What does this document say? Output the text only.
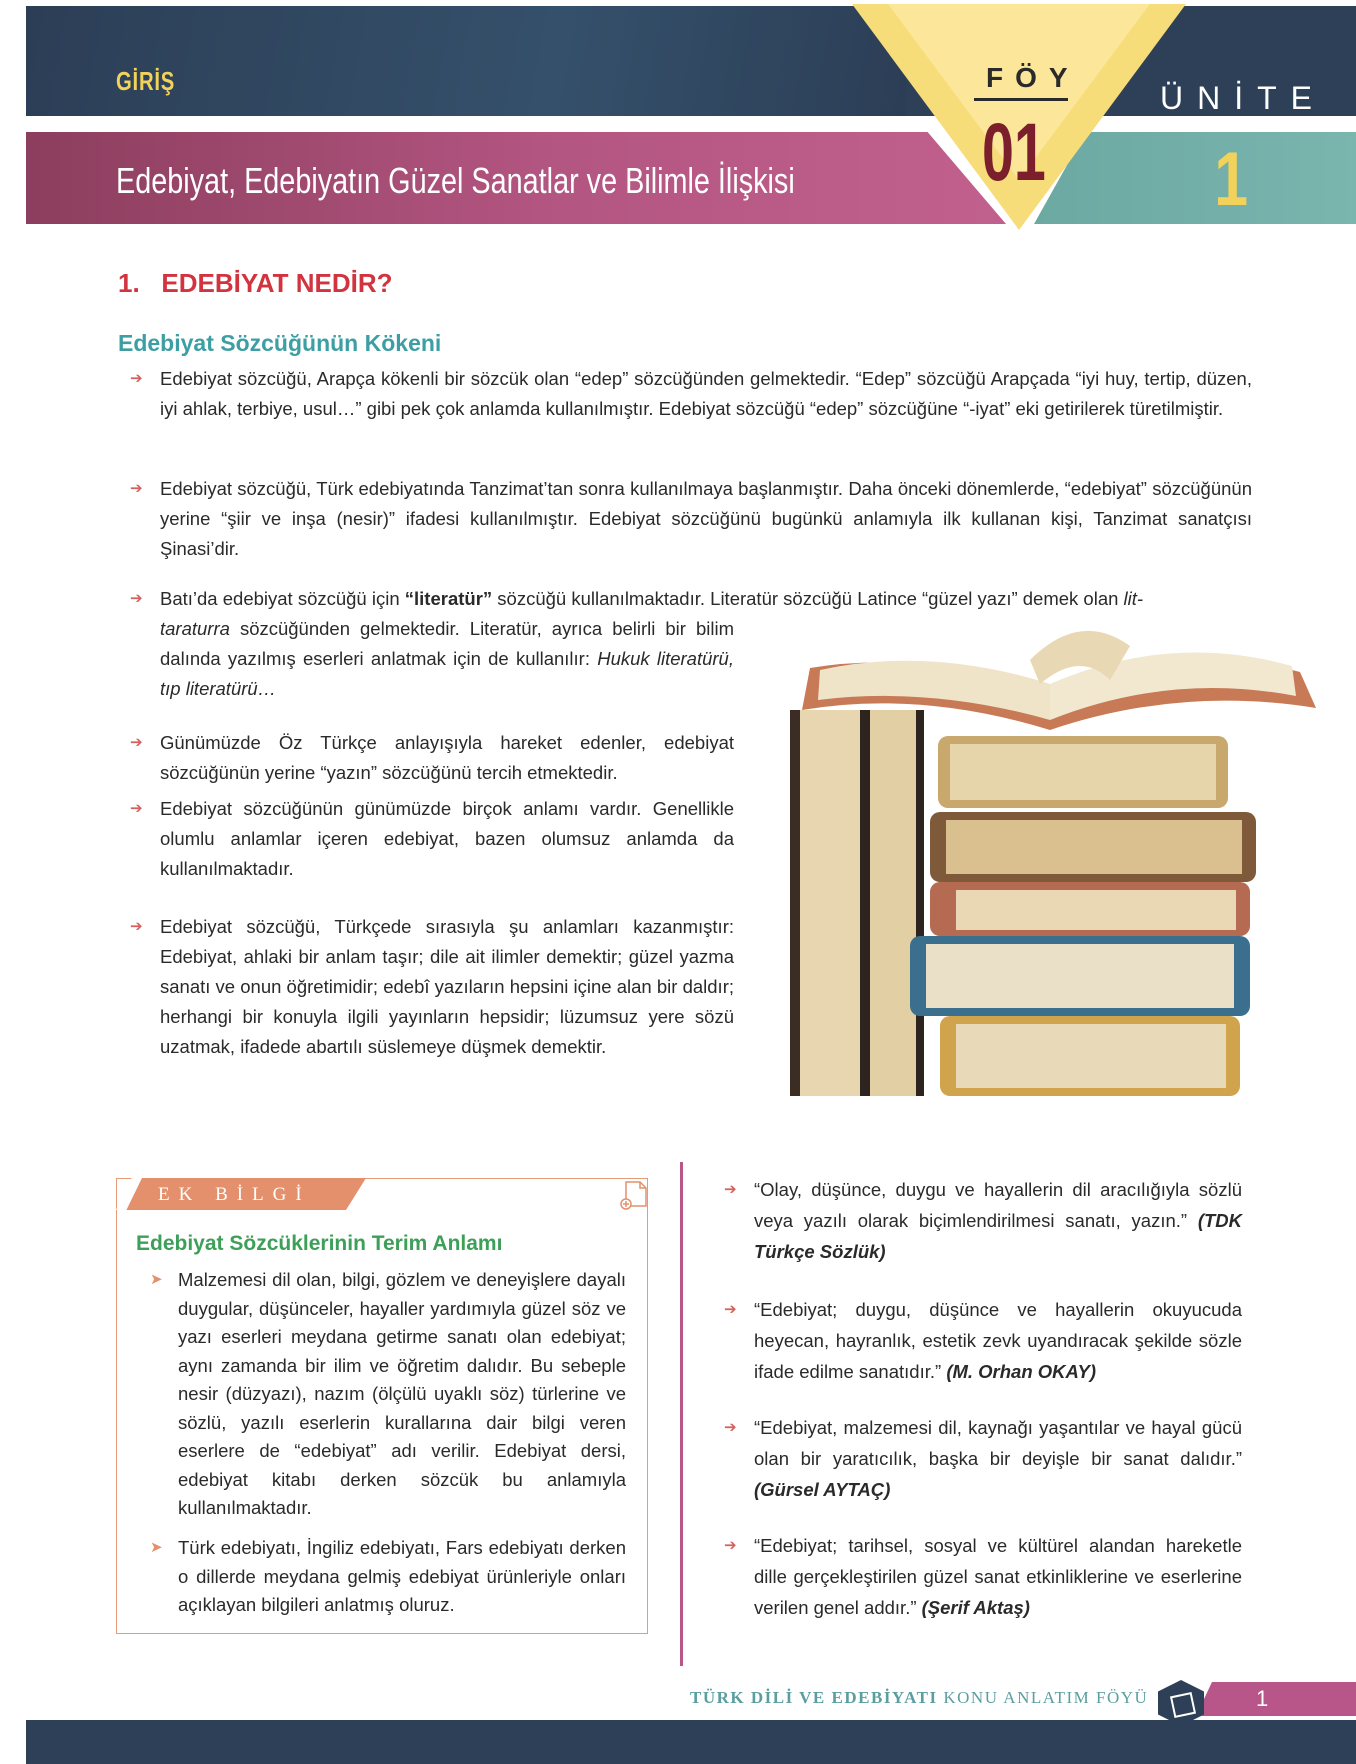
GİRİŞ
Edebiyat, Edebiyatın Güzel Sanatlar ve Bilimle İlişkisi
ÜNİTE
1
FÖY
01
1.   EDEBİYAT NEDİR?
Edebiyat Sözcüğünün Kökeni
➔ Edebiyat sözcüğü, Arapça kökenli bir sözcük olan “edep” sözcüğünden gelmektedir. “Edep” sözcüğü Arapçada “iyi huy, tertip, düzen, iyi ahlak, terbiye, usul…” gibi pek çok anlamda kullanılmıştır. Edebiyat sözcüğü “edep” sözcüğüne “-iyat” eki getirilerek türetilmiştir.
➔ Edebiyat sözcüğü, Türk edebiyatında Tanzimat’tan sonra kullanılmaya başlanmıştır. Daha önceki dönemlerde, “edebiyat” sözcüğünün yerine “şiir ve inşa (nesir)” ifadesi kullanılmıştır. Edebiyat sözcüğünü bugünkü anlamıyla ilk kullanan kişi, Tanzimat sanatçısı Şinasi’dir.
➔ Batı’da edebiyat sözcüğü için “literatür” sözcüğü kullanılmaktadır. Literatür sözcüğü Latince “güzel yazı” demek olan lit-
taraturra sözcüğünden gelmektedir. Literatür, ayrıca belirli bir bilim dalında yazılmış eserleri anlatmak için de kullanılır: Hukuk literatürü, tıp literatürü…
➔ Günümüzde Öz Türkçe anlayışıyla hareket edenler, edebiyat sözcüğünün yerine “yazın” sözcüğünü tercih etmektedir.
➔ Edebiyat sözcüğünün günümüzde birçok anlamı vardır. Genellikle olumlu anlamlar içeren edebiyat, bazen olumsuz anlamda da kullanılmaktadır.
➔ Edebiyat sözcüğü, Türkçede sırasıyla şu anlamları kazanmıştır: Edebiyat, ahlaki bir anlam taşır; dile ait ilimler demektir; güzel yazma sanatı ve onun öğretimidir; edebî yazıların hepsini içine alan bir daldır; herhangi bir konuyla ilgili yayınların hepsidir; lüzumsuz yere sözü uzatmak, ifadede abartılı süslemeye düşmek demektir.
EK BİLGİ
Edebiyat Sözcüklerinin Terim Anlamı
➤ Malzemesi dil olan, bilgi, gözlem ve deneyişlere dayalı duygular, düşünceler, hayaller yardımıyla güzel söz ve yazı eserleri meydana getirme sanatı olan edebiyat; aynı zamanda bir ilim ve öğretim dalıdır. Bu sebeple nesir (düzyazı), nazım (ölçülü uyaklı söz) türlerine ve sözlü, yazılı eserlerin kurallarına dair bilgi veren eserlere de “edebiyat” adı verilir. Edebiyat dersi, edebiyat kitabı derken sözcük bu anlamıyla kullanılmaktadır.
➤ Türk edebiyatı, İngiliz edebiyatı, Fars edebiyatı derken o dillerde meydana gelmiş edebiyat ürünleriyle onları açıklayan bilgileri anlatmış oluruz.
➔ “Olay, düşünce, duygu ve hayallerin dil aracılığıyla sözlü veya yazılı olarak biçimlendirilmesi sanatı, yazın.” (TDK Türkçe Sözlük)
➔ “Edebiyat; duygu, düşünce ve hayallerin okuyucuda heyecan, hayranlık, estetik zevk uyandıracak şekilde sözle ifade edilme sanatıdır.” (M. Orhan OKAY)
➔ “Edebiyat, malzemesi dil, kaynağı yaşantılar ve hayal gücü olan bir yaratıcılık, başka bir deyişle bir sanat dalıdır.” (Gürsel AYTAÇ)
➔ “Edebiyat; tarihsel, sosyal ve kültürel alandan hareketle dille gerçekleştirilen güzel sanat etkinliklerine ve eserlerine verilen genel addır.” (Şerif Aktaş)
TÜRK DİLİ VE EDEBİYATI KONU ANLATIM FÖYÜ	1
